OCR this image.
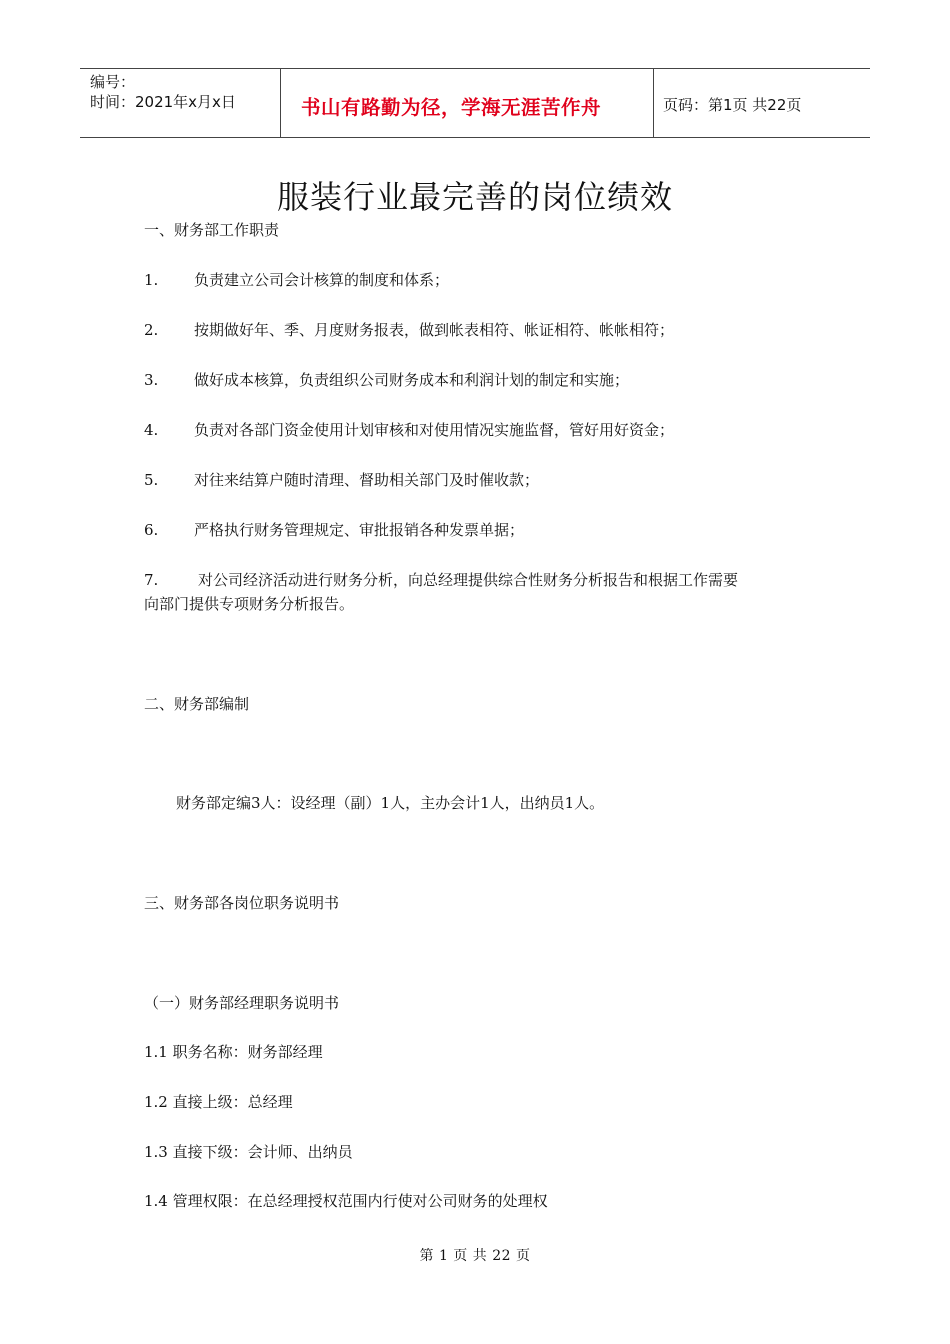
编号：
时间：2021年x月x日	书山有路勤为径，学海无涯苦作舟	页码：第1页 共22页
服装行业最完善的岗位绩效
一、财务部工作职责
1. 负责建立公司会计核算的制度和体系；
2. 按期做好年、季、月度财务报表，做到帐表相符、帐证相符、帐帐相符；
3. 做好成本核算，负责组织公司财务成本和利润计划的制定和实施；
4. 负责对各部门资金使用计划审核和对使用情况实施监督，管好用好资金；
5. 对往来结算户随时清理、督助相关部门及时催收款；
6. 严格执行财务管理规定、审批报销各种发票单据；
7.	对公司经济活动进行财务分析，向总经理提供综合性财务分析报告和根据工作需要
向部门提供专项财务分析报告。
二、财务部编制
财务部定编3人：设经理（副）1人，主办会计1人，出纳员1人。
三、财务部各岗位职务说明书
（一）财务部经理职务说明书
1.1 职务名称：财务部经理
1.2 直接上级：总经理
1.3 直接下级：会计师、出纳员
1.4 管理权限：在总经理授权范围内行使对公司财务的处理权
第 1 页 共 22 页
